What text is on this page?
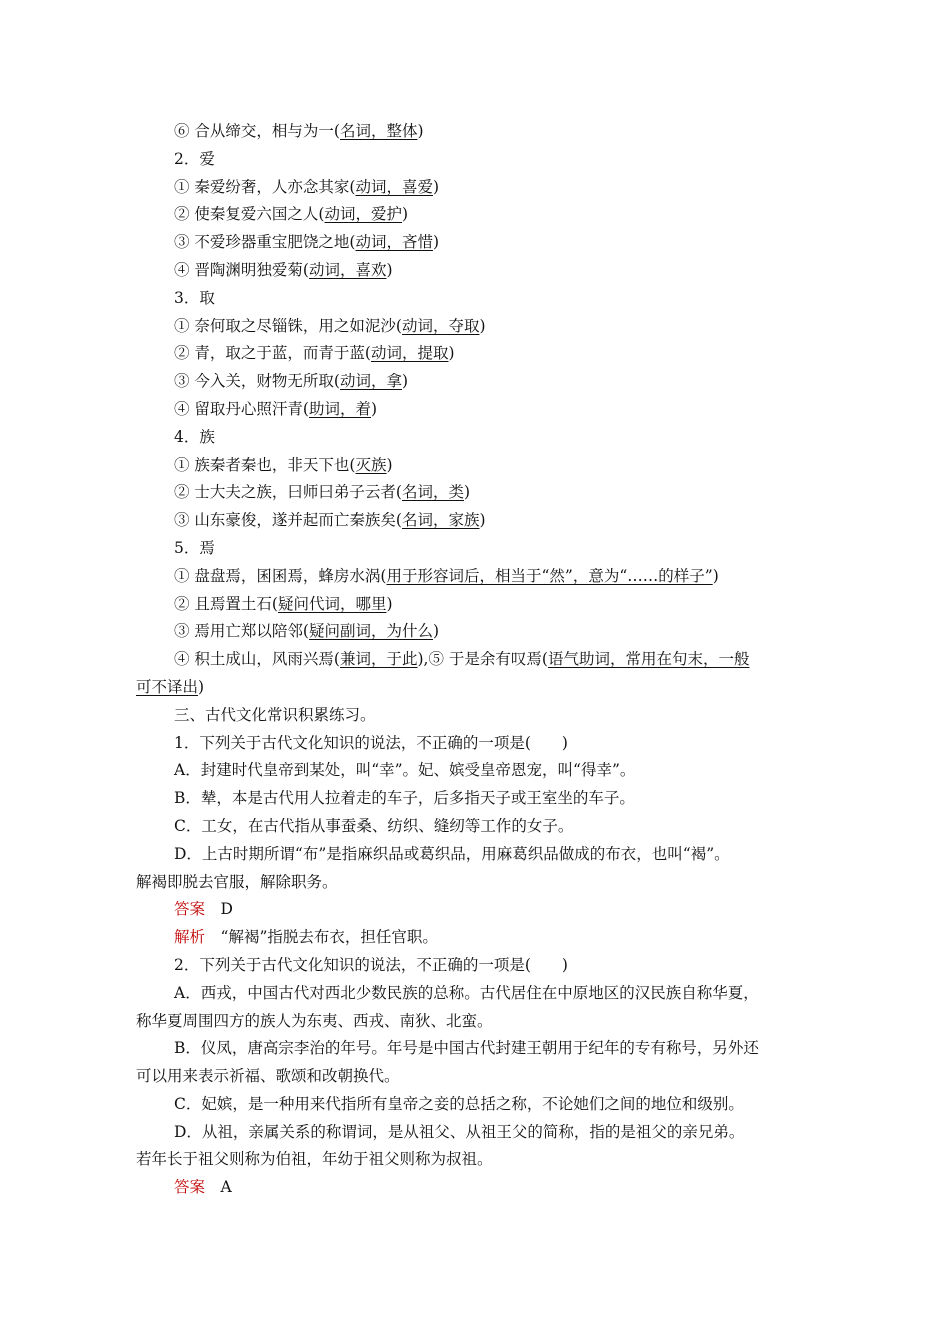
⑥ 合从缔交，相与为一(名词，整体)
2．爱
① 秦爱纷奢，人亦念其家(动词，喜爱)
② 使秦复爱六国之人(动词，爱护)
③ 不爱珍器重宝肥饶之地(动词，吝惜)
④ 晋陶渊明独爱菊(动词，喜欢)
3．取
① 奈何取之尽锱铢，用之如泥沙(动词，夺取)
② 青，取之于蓝，而青于蓝(动词，提取)
③ 今入关，财物无所取(动词，拿)
④ 留取丹心照汗青(助词，着)
4．族
① 族秦者秦也，非天下也(灭族)
② 士大夫之族，曰师曰弟子云者(名词，类)
③ 山东豪俊，遂并起而亡秦族矣(名词，家族)
5．焉
① 盘盘焉，囷囷焉，蜂房水涡(用于形容词后，相当于“然”，意为“……的样子”)
② 且焉置土石(疑问代词，哪里)
③ 焉用亡郑以陪邻(疑问副词，为什么)
④ 积土成山，风雨兴焉(兼词，于此),⑤ 于是余有叹焉(语气助词，常用在句末，一般
可不译出)
三、古代文化常识积累练习。
1．下列关于古代文化知识的说法，不正确的一项是(　　)
A．封建时代皇帝到某处，叫“幸”。妃、嫔受皇帝恩宠，叫“得幸”。
B．辇，本是古代用人拉着走的车子，后多指天子或王室坐的车子。
C．工女，在古代指从事蚕桑、纺织、缝纫等工作的女子。
D．上古时期所谓“布”是指麻织品或葛织品，用麻葛织品做成的布衣，也叫“褐”。
解褐即脱去官服，解除职务。
答案　 D
解析　 “解褐”指脱去布衣，担任官职。
2．下列关于古代文化知识的说法，不正确的一项是(　　)
A．西戎，中国古代对西北少数民族的总称。古代居住在中原地区的汉民族自称华夏，
称华夏周围四方的族人为东夷、西戎、南狄、北蛮。
B．仪凤，唐高宗李治的年号。年号是中国古代封建王朝用于纪年的专有称号，另外还
可以用来表示祈福、歌颂和改朝换代。
C．妃嫔，是一种用来代指所有皇帝之妾的总括之称，不论她们之间的地位和级别。
D．从祖，亲属关系的称谓词，是从祖父、从祖王父的简称，指的是祖父的亲兄弟。
若年长于祖父则称为伯祖，年幼于祖父则称为叔祖。
答案　 A
